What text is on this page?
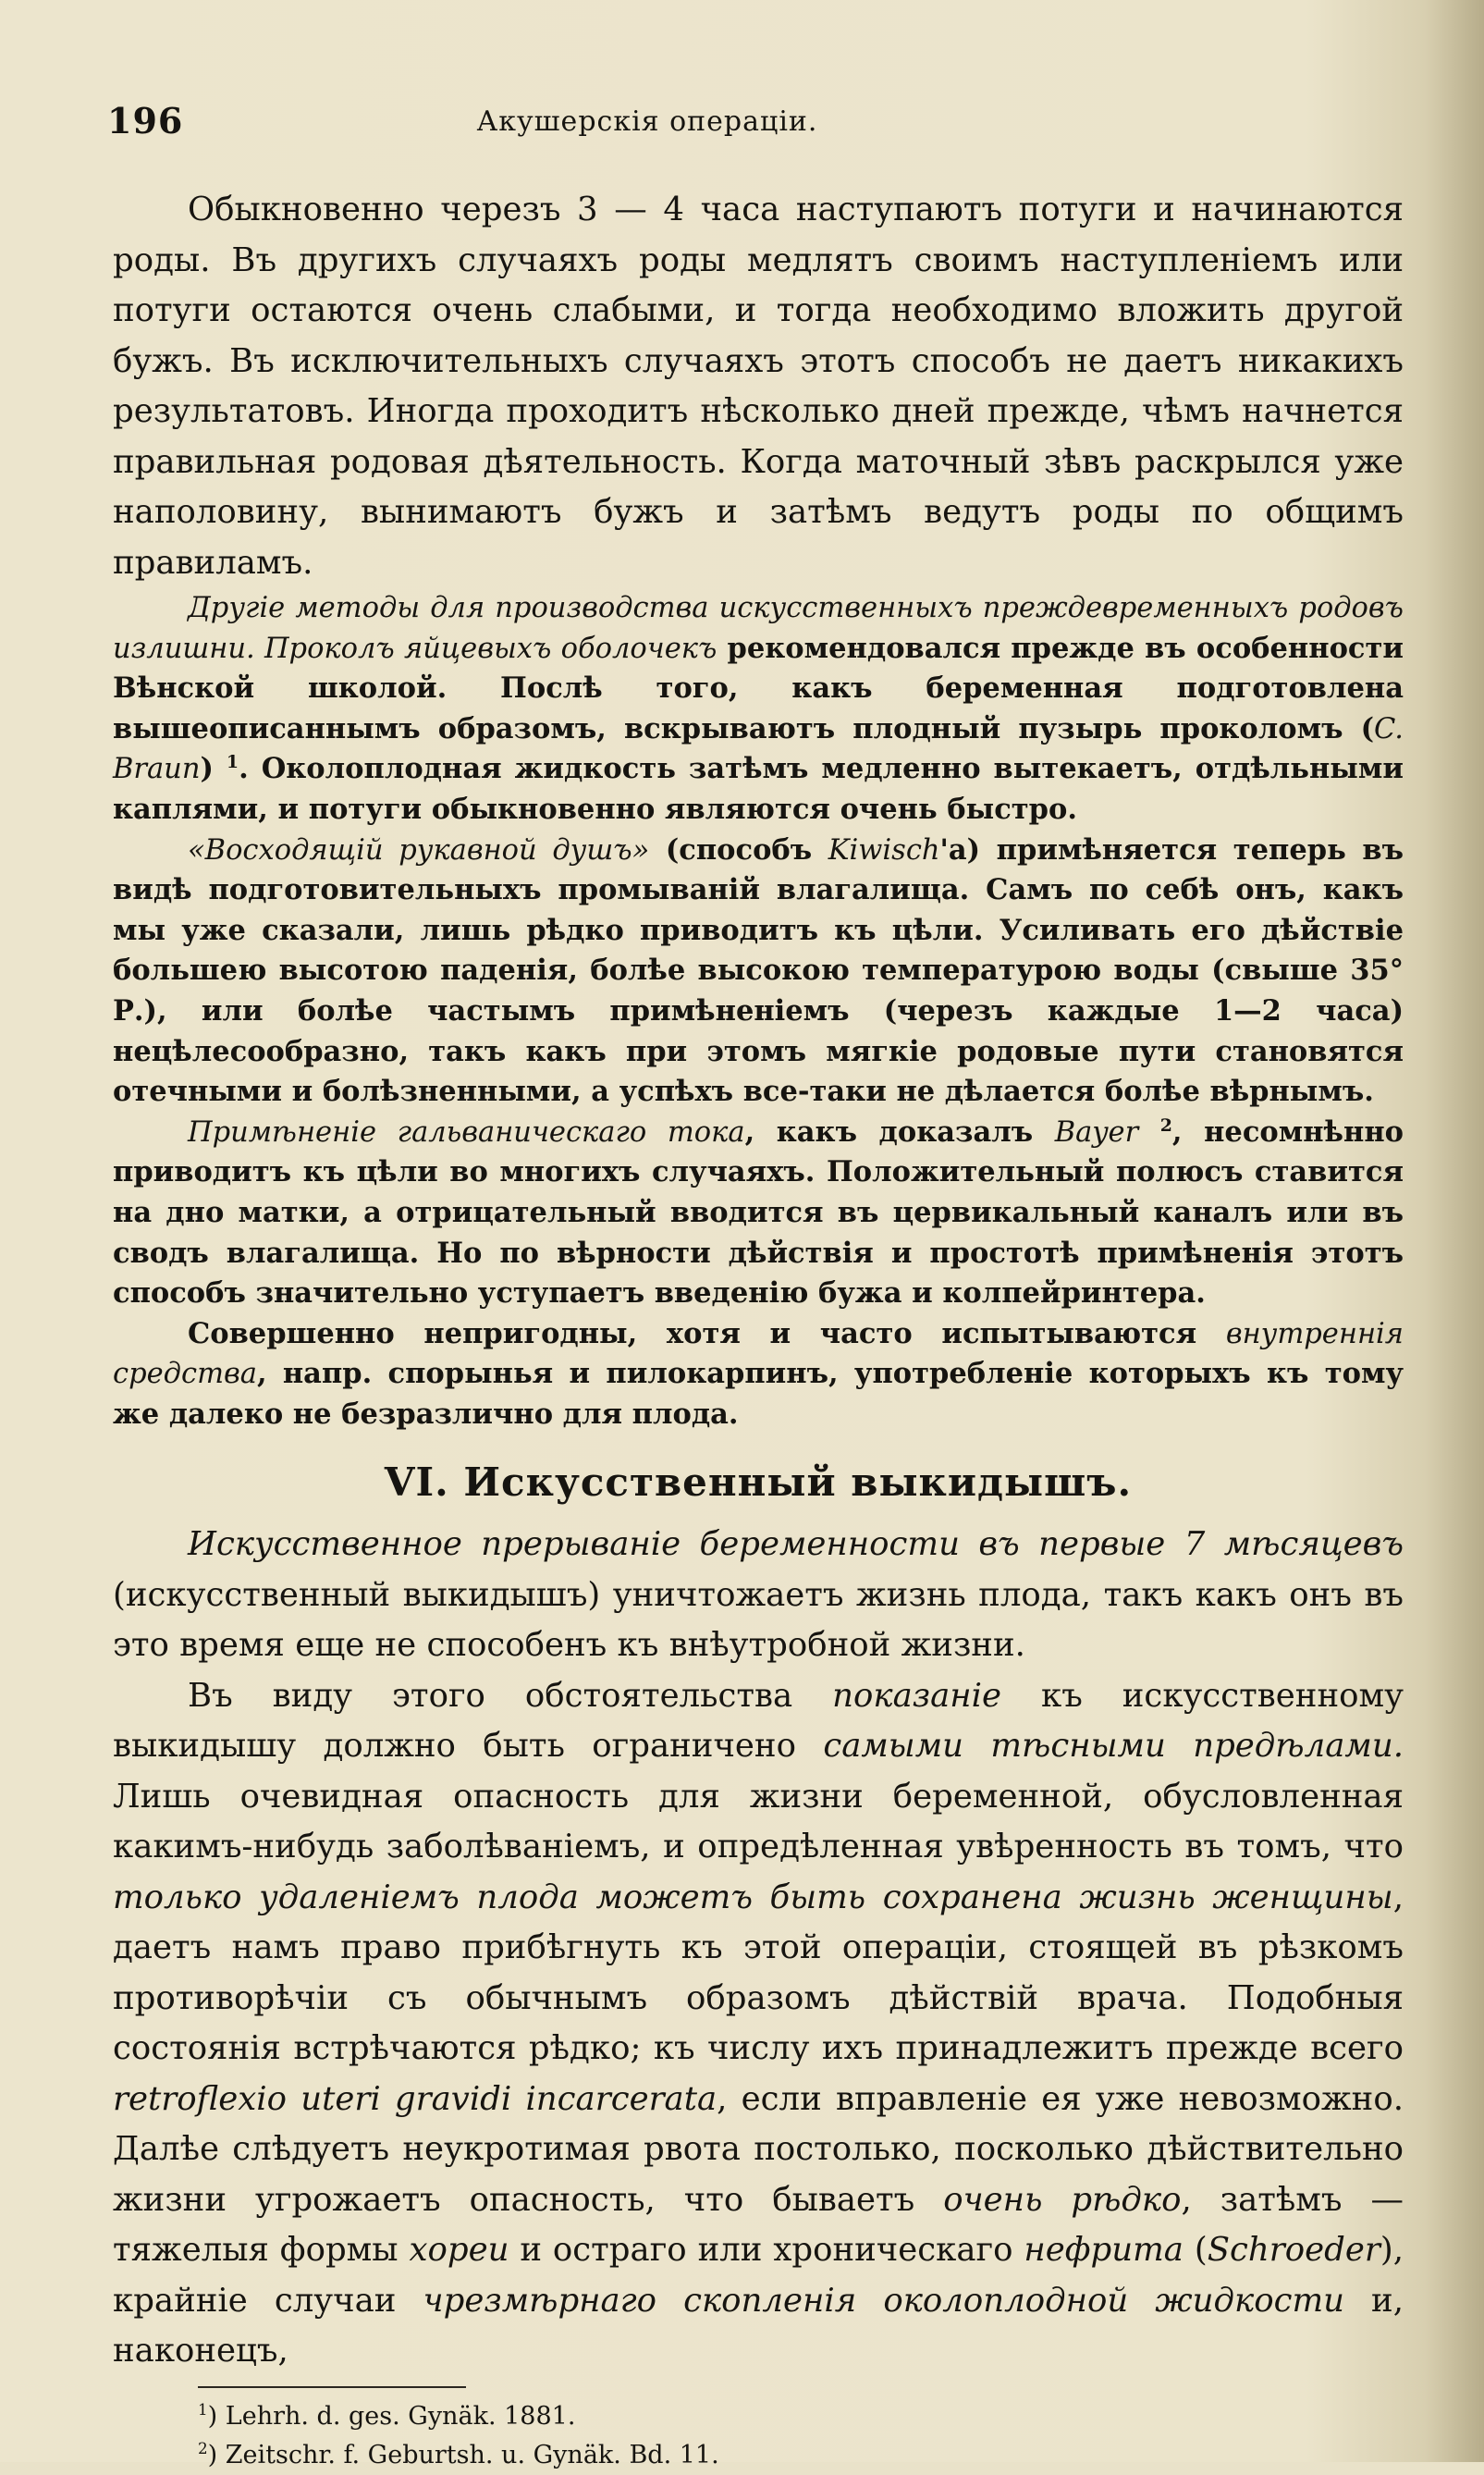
196	Акушерскія операціи.

Обыкновенно черезъ 3 — 4 часа наступаютъ потуги и начинаются роды. Въ другихъ случаяхъ роды медлятъ своимъ наступленіемъ или потуги остаются очень слабыми, и тогда необходимо вложить другой бужъ. Въ исключительныхъ случаяхъ этотъ способъ не даетъ никакихъ результатовъ. Иногда проходитъ нѣсколько дней прежде, чѣмъ начнется правильная родовая дѣятельность. Когда маточный зѣвъ раскрылся уже наполовину, вынимаютъ бужъ и затѣмъ ведутъ роды по общимъ правиламъ.

Другіе методы для производства искусственныхъ преждевременныхъ родовъ излишни. Проколъ яйцевыхъ оболочекъ рекомендовался прежде въ особенности Вѣнской школой. Послѣ того, какъ беременная подготовлена вышеописаннымъ образомъ, вскрываютъ плодный пузырь проколомъ (C. Braun) $^1$. Околоплодная жидкость затѣмъ медленно вытекаетъ, отдѣльными каплями, и потуги обыкновенно являются очень быстро.

«Восходящій рукавной душъ» (способъ Kiwisch'а) примѣняется теперь въ видѣ подготовительныхъ промываній влагалища. Самъ по себѣ онъ, какъ мы уже сказали, лишь рѣдко приводитъ къ цѣли. Усиливать его дѣйствіе большею высотою паденія, болѣе высокою температурою воды (свыше 35° Р.), или болѣе частымъ примѣненіемъ (черезъ каждые 1—2 часа) нецѣлесообразно, такъ какъ при этомъ мягкіе родовые пути становятся отечными и болѣзненными, а успѣхъ все-таки не дѣлается болѣе вѣрнымъ.

Примѣненіе гальваническаго тока, какъ доказалъ Bayer $^2$, несомнѣнно приводитъ къ цѣли во многихъ случаяхъ. Положительный полюсъ ставится на дно матки, а отрицательный вводится въ цервикальный каналъ или въ сводъ влагалища. Но по вѣрности дѣйствія и простотѣ примѣненія этотъ способъ значительно уступаетъ введенію бужа и колпейринтера.

Совершенно непригодны, хотя и часто испытываются внутреннія средства, напр. спорынья и пилокарпинъ, употребленіе которыхъ къ тому же далеко не безразлично для плода.

VI. Искусственный выкидышъ.

Искусственное прерываніе беременности въ первые 7 мѣсяцевъ (искусственный выкидышъ) уничтожаетъ жизнь плода, такъ какъ онъ въ это время еще не способенъ къ внѣутробной жизни.

Въ виду этого обстоятельства показаніе къ искусственному выкидышу должно быть ограничено самыми тѣсными предѣлами. Лишь очевидная опасность для жизни беременной, обусловленная какимъ-нибудь заболѣваніемъ, и опредѣленная увѣренность въ томъ, что только удаленіемъ плода можетъ быть сохранена жизнь женщины, даетъ намъ право прибѣгнуть къ этой операціи, стоящей въ рѣзкомъ противорѣчіи съ обычнымъ образомъ дѣйствій врача. Подобныя состоянія встрѣчаются рѣдко; къ числу ихъ принадлежитъ прежде всего retroflexio uteri gravidi incarcerata, если вправленіе ея уже невозможно. Далѣе слѣдуетъ неукротимая рвота постолько, посколько дѣйствительно жизни угрожаетъ опасность, что бываетъ очень рѣдко, затѣмъ — тяжелыя формы хореи и остраго или хроническаго нефрита (Schroeder), крайніе случаи чрезмѣрнаго скопленія околоплодной жидкости и, наконецъ,

$^1$) Lehrh. d. ges. Gynäk. 1881.
$^2$) Zeitschr. f. Geburtsh. u. Gynäk. Bd. 11.
